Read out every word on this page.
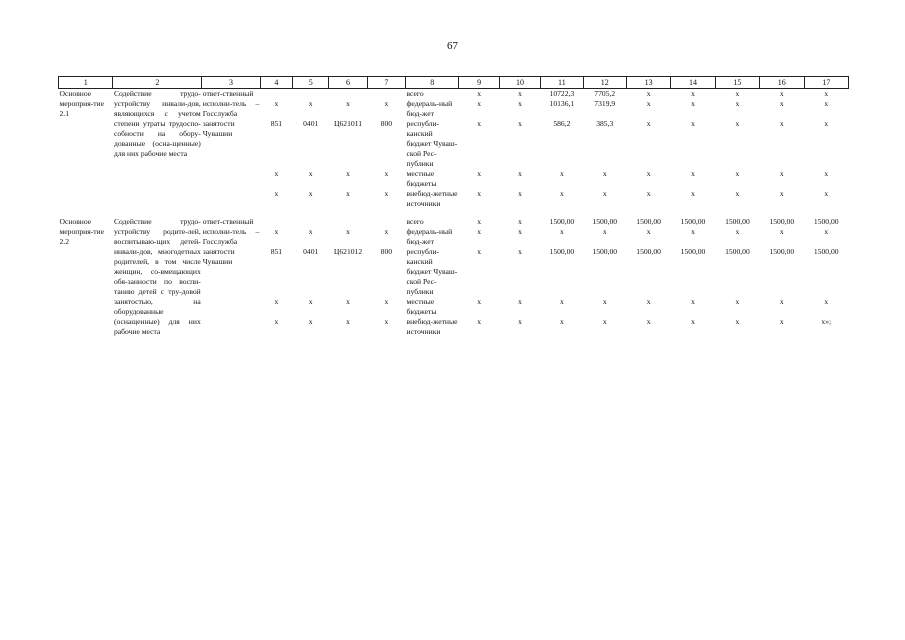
67
1	2	3	4	5	6	7	8	9	10	11	12	13	14	15	16	17
Основное мероприя-тие 2.1	Содействие трудо-устройству инвали-дов, являющихся с учетом степени утраты трудоспо-собности на обору-дованные (осна-щенные) для них рабочие места	ответ-ственный исполни-тель – Госслужба занятости Чувашии					всего	x	x	10722,3	7705,2	x	x	x	x	x
			x	x	x	x	федераль-ный бюд-жет	x	x	10136,1	7319,9	x	x	x	x	x
			851	0401	Ц621011	800	республи-канский бюджет Чуваш-ской Рес-публики	x	x	586,2	385,3	x	x	x	x	x
			x	x	x	x	местные бюджеты	x	x	x	x	x	x	x	x	x
			x	x	x	x	внебюд-жетные источники	x	x	x	x	x	x	x	x	x

Основное мероприя-тие 2.2	Содействие трудо-устройству родите-лей, воспитываю-щих детей-инвали-дов, многодетных родителей, в том числе женщин, со-вмещающих обя-занности по воспи-танию детей с тру-довой занятостью, на оборудованные (оснащенные) для них рабочие места	ответ-ственный исполни-тель – Госслужба занятости Чувашии					всего	x	x	1500,00	1500,00	1500,00	1500,00	1500,00	1500,00	1500,00
			x	x	x	x	федераль-ный бюд-жет	x	x	x	x	x	x	x	x	x
			851	0401	Ц621012	800	республи-канский бюджет Чуваш-ской Рес-публики	x	x	1500,00	1500,00	1500,00	1500,00	1500,00	1500,00	1500,00
			x	x	x	x	местные бюджеты	x	x	x	x	x	x	x	x	x
			x	x	x	x	внебюд-жетные источники	x	x	x	x	x	x	x	x	x»;
